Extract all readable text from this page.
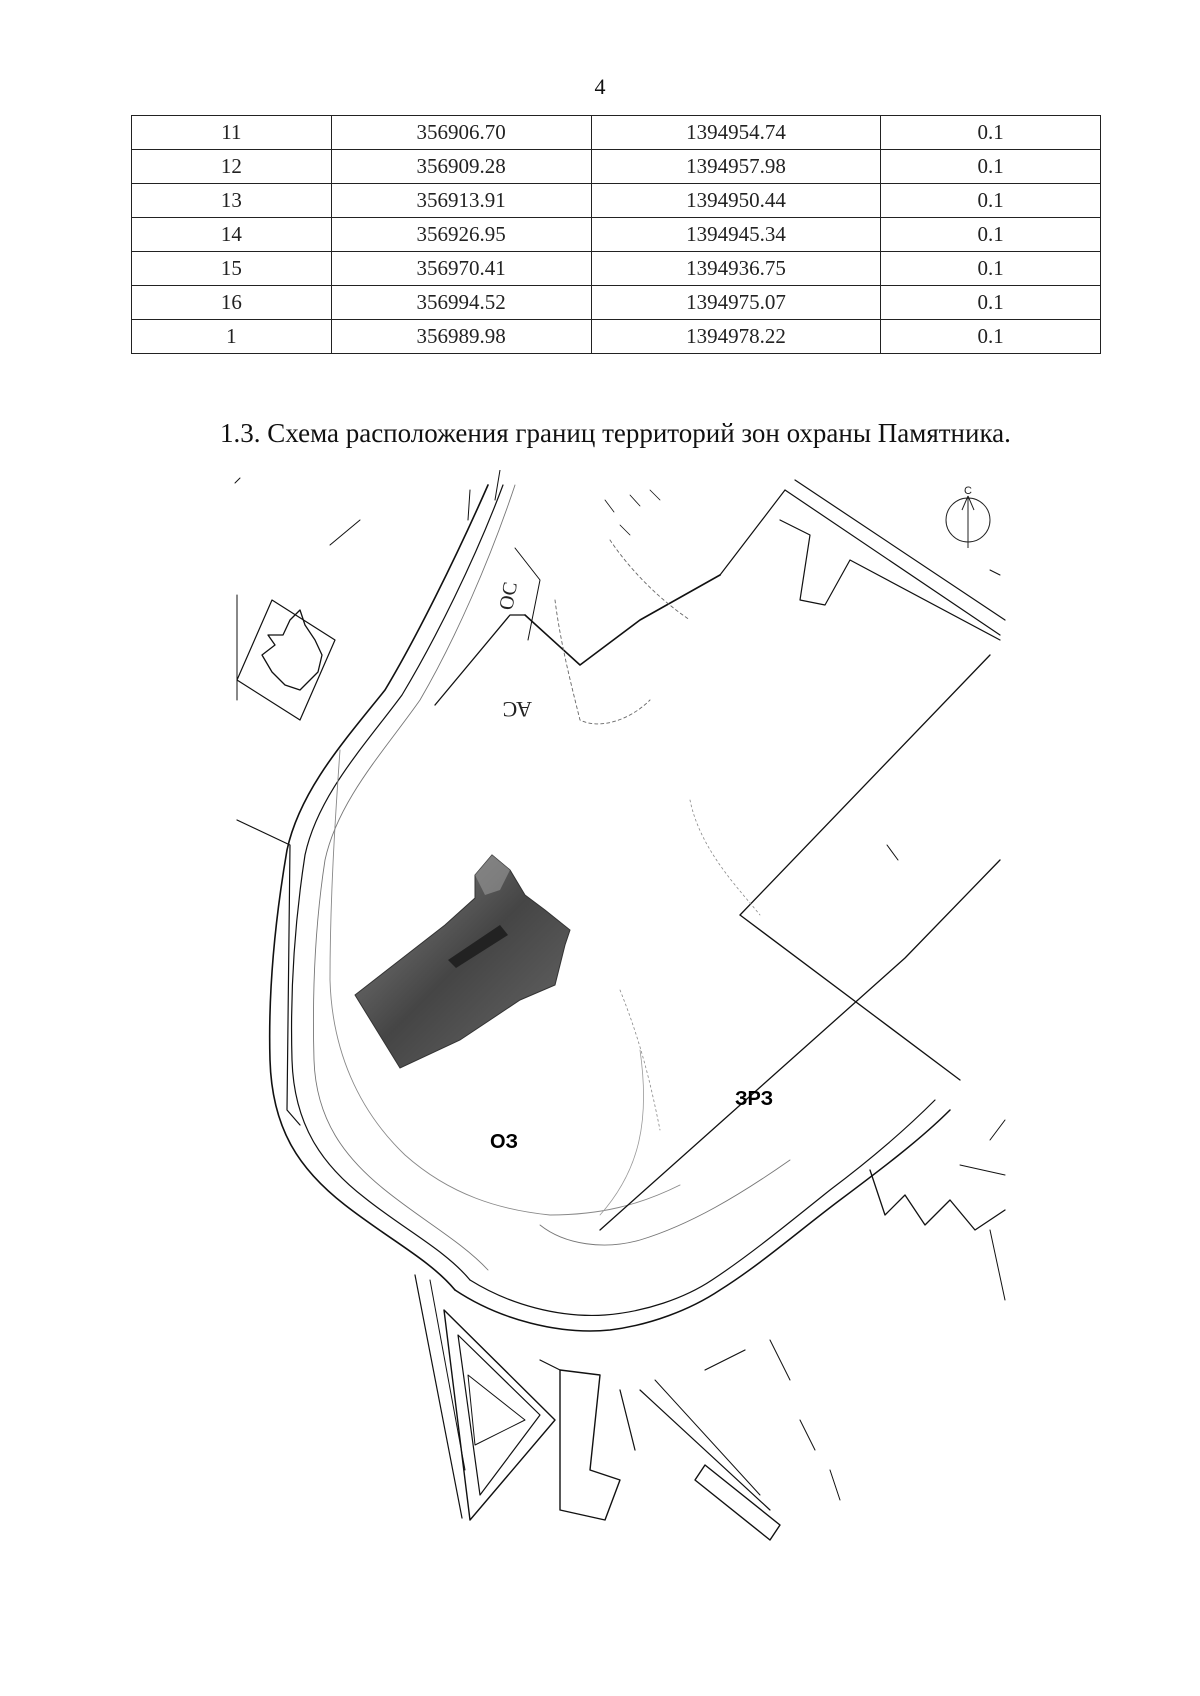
4
11	356906.70	1394954.74	0.1
12	356909.28	1394957.98	0.1
13	356913.91	1394950.44	0.1
14	356926.95	1394945.34	0.1
15	356970.41	1394936.75	0.1
16	356994.52	1394975.07	0.1
1	356989.98	1394978.22	0.1
1.3. Схема расположения границ территорий зон охраны Памятника.
С
АС
ОС
ОЗ
ЗРЗ
